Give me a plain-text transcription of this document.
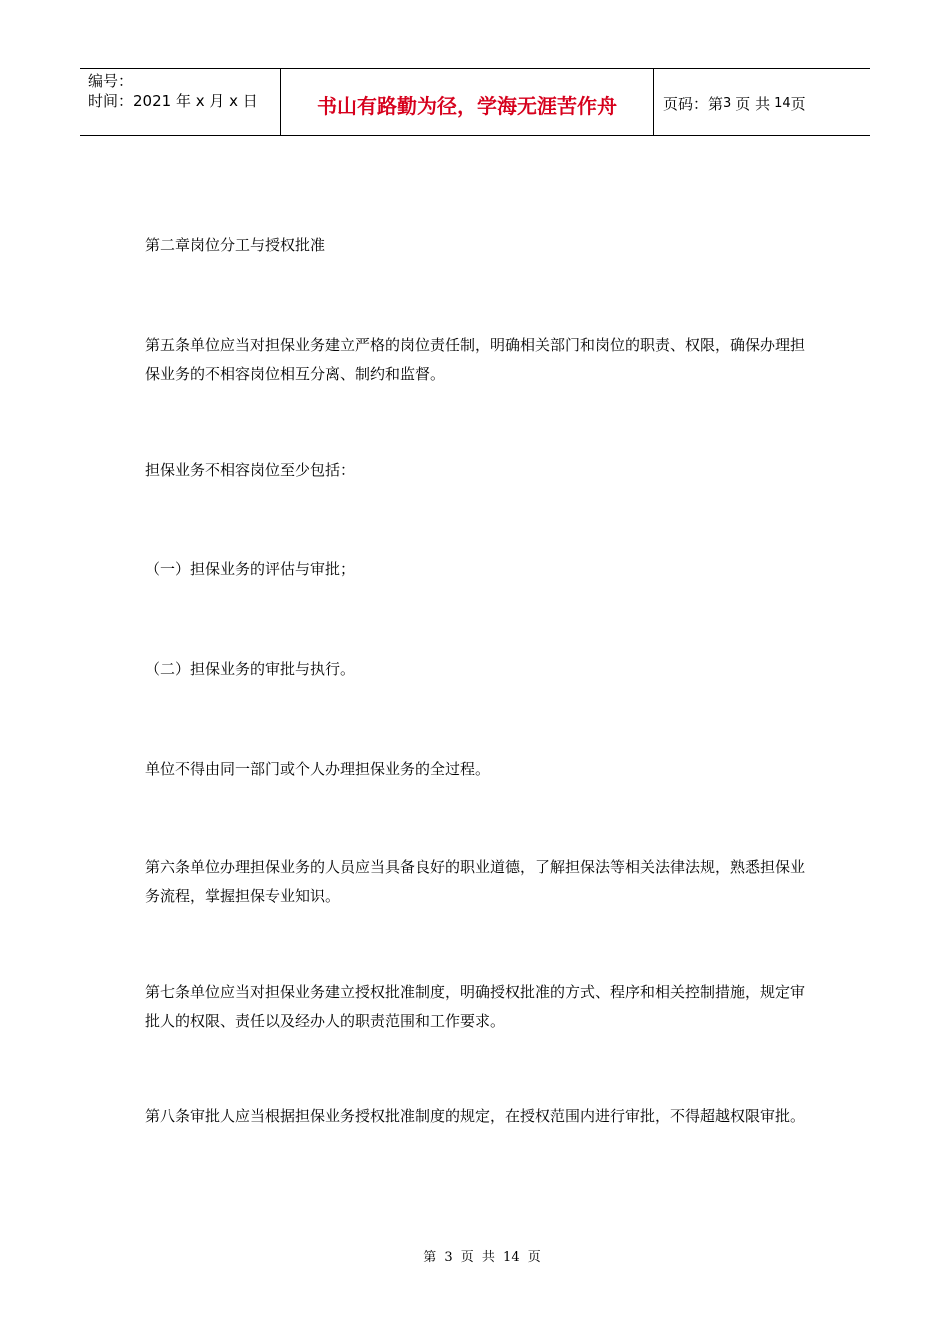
编号：
时间：2021 年 x 月 x 日	书山有路勤为径，学海无涯苦作舟	页码：第 3 页 共 14 页
第二章岗位分工与授权批准
第五条单位应当对担保业务建立严格的岗位责任制，明确相关部门和岗位的职责、权限，确保办理担保业务的不相容岗位相互分离、制约和监督。
担保业务不相容岗位至少包括：
（一）担保业务的评估与审批；
（二）担保业务的审批与执行。
单位不得由同一部门或个人办理担保业务的全过程。
第六条单位办理担保业务的人员应当具备良好的职业道德，了解担保法等相关法律法规，熟悉担保业务流程，掌握担保专业知识。
第七条单位应当对担保业务建立授权批准制度，明确授权批准的方式、程序和相关控制措施，规定审批人的权限、责任以及经办人的职责范围和工作要求。
第八条审批人应当根据担保业务授权批准制度的规定，在授权范围内进行审批，不得超越权限审批。
第 3 页 共 14 页
